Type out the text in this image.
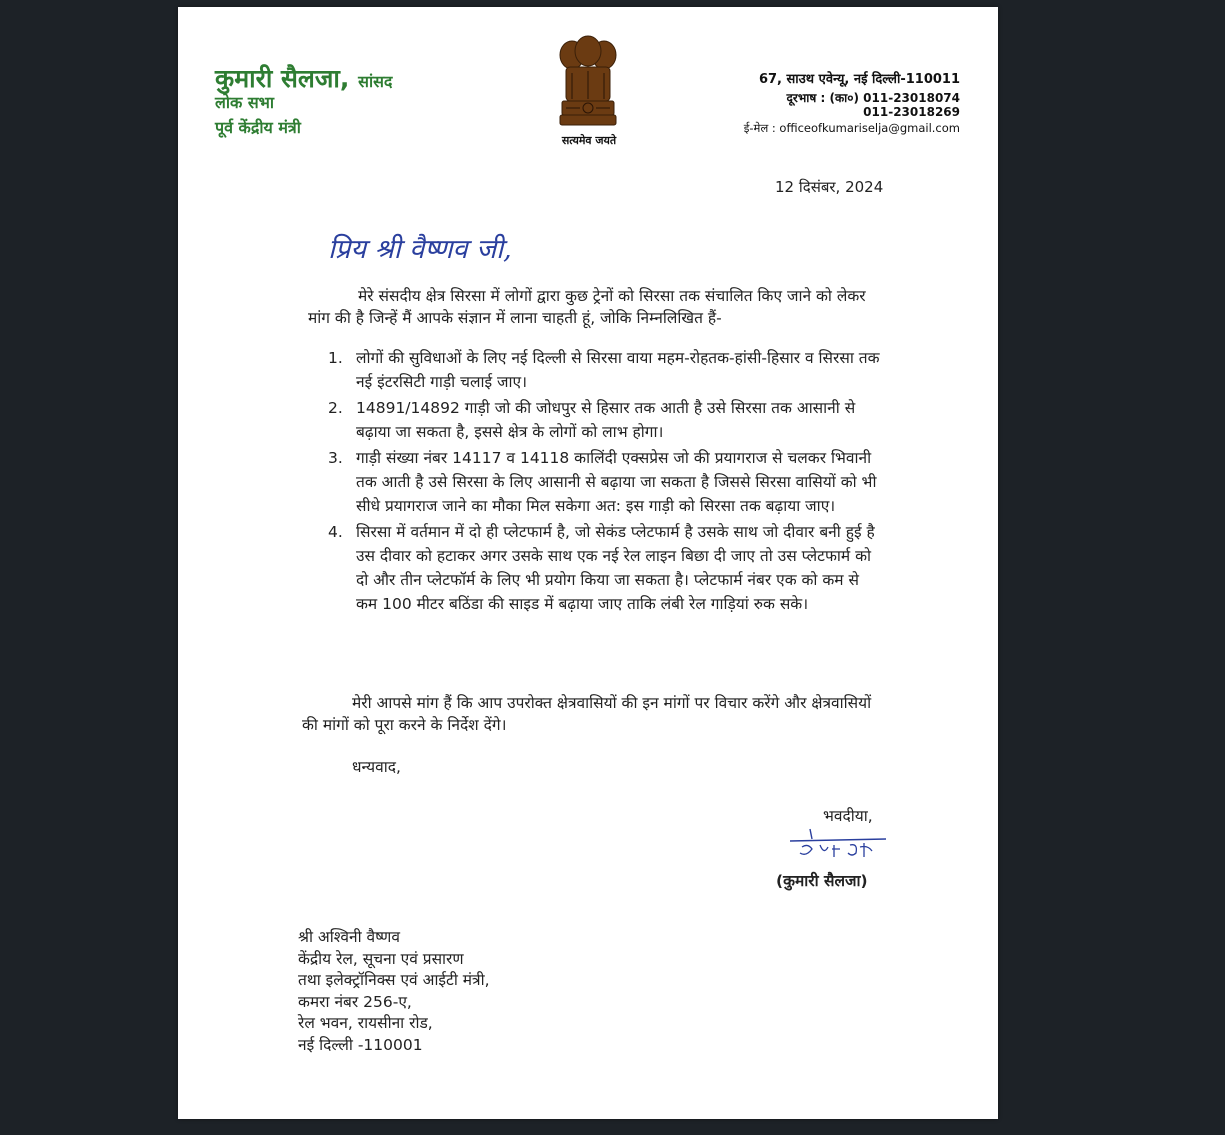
कुमारी सैलजा, सांसद
लोक सभा
पूर्व केंद्रीय मंत्री
सत्यमेव जयते
67, साउथ एवेन्यू, नई दिल्ली-110011
दूरभाष : (का०) 011-23018074
011-23018269
ई-मेल : officeofkumariselja@gmail.com
12 दिसंबर, 2024
प्रिय श्री वैष्णव जी,
मेरे संसदीय क्षेत्र सिरसा में लोगों द्वारा कुछ ट्रेनों को सिरसा तक संचालित किए जाने को लेकर मांग की है जिन्हें मैं आपके संज्ञान में लाना चाहती हूं, जोकि निम्नलिखित हैं-
1. लोगों की सुविधाओं के लिए नई दिल्ली से सिरसा वाया महम-रोहतक-हांसी-हिसार व सिरसा तक नई इंटरसिटी गाड़ी चलाई जाए।
2. 14891/14892 गाड़ी जो की जोधपुर से हिसार तक आती है उसे सिरसा तक आसानी से बढ़ाया जा सकता है, इससे क्षेत्र के लोगों को लाभ होगा।
3. गाड़ी संख्या नंबर 14117 व 14118 कालिंदी एक्सप्रेस जो की प्रयागराज से चलकर भिवानी तक आती है उसे सिरसा के लिए आसानी से बढ़ाया जा सकता है जिससे सिरसा वासियों को भी सीधे प्रयागराज जाने का मौका मिल सकेगा अत: इस गाड़ी को सिरसा तक बढ़ाया जाए।
4. सिरसा में वर्तमान में दो ही प्लेटफार्म है, जो सेकंड प्लेटफार्म है उसके साथ जो दीवार बनी हुई है उस दीवार को हटाकर अगर उसके साथ एक नई रेल लाइन बिछा दी जाए तो उस प्लेटफार्म को दो और तीन प्लेटफॉर्म के लिए भी प्रयोग किया जा सकता है। प्लेटफार्म नंबर एक को कम से कम 100 मीटर बठिंडा की साइड में बढ़ाया जाए ताकि लंबी रेल गाड़ियां रुक सके।
मेरी आपसे मांग हैं कि आप उपरोक्त क्षेत्रवासियों की इन मांगों पर विचार करेंगे और क्षेत्रवासियों की मांगों को पूरा करने के निर्देश देंगे।
धन्यवाद,
भवदीया,
(कुमारी सैलजा)
श्री अश्विनी वैष्णव
केंद्रीय रेल, सूचना एवं प्रसारण
तथा इलेक्ट्रॉनिक्स एवं आईटी मंत्री,
कमरा नंबर 256-ए,
रेल भवन, रायसीना रोड,
नई दिल्ली -110001
